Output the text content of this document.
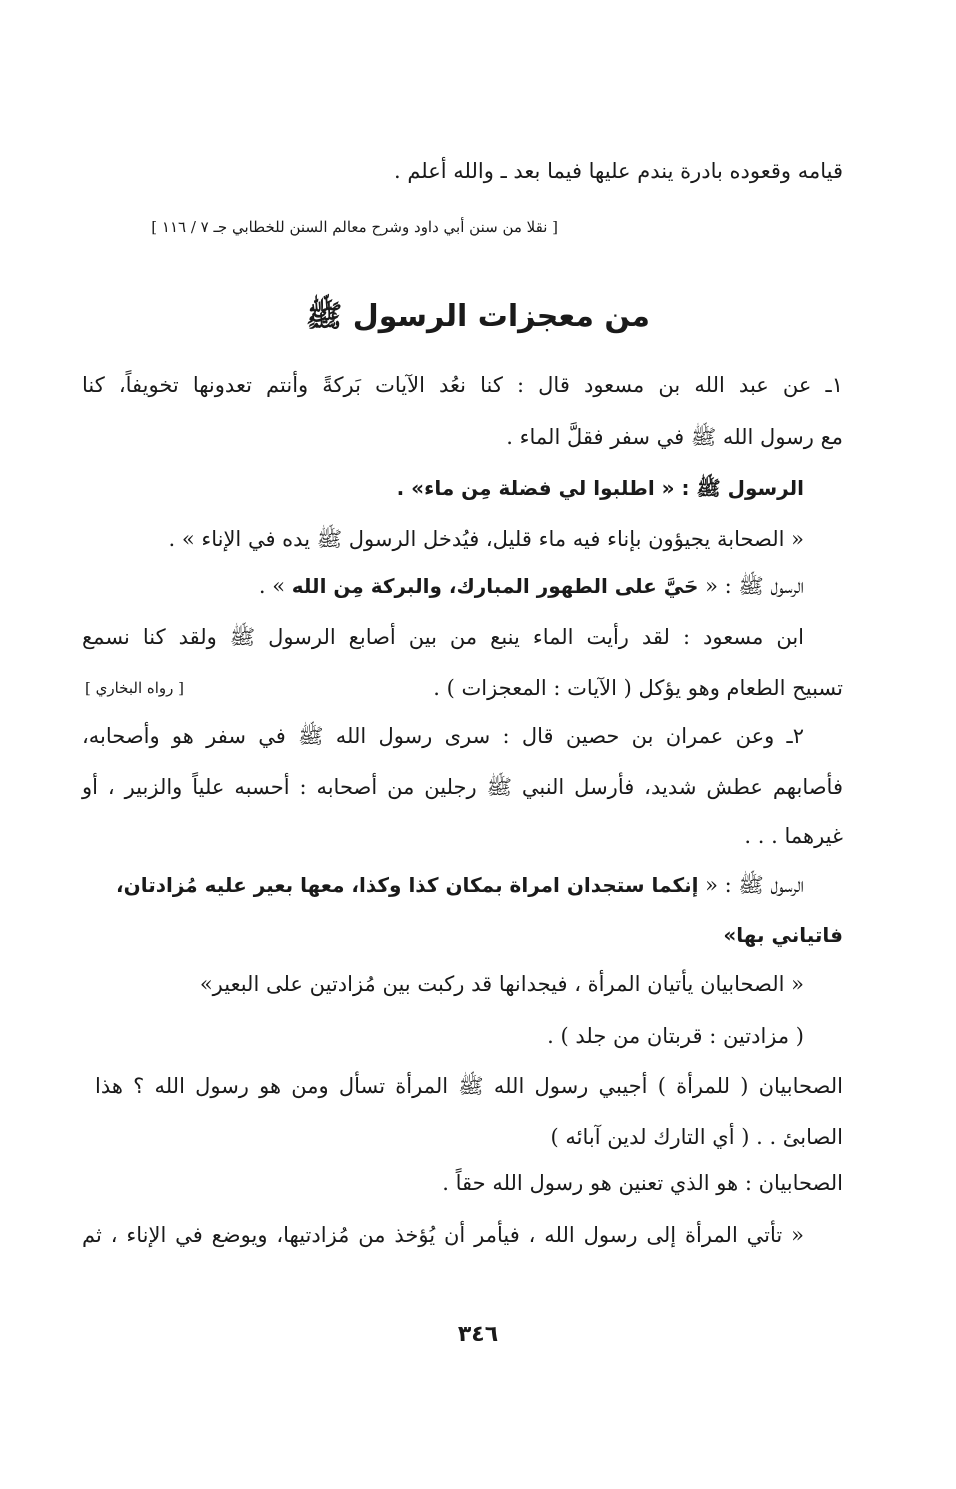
قيامه وقعوده بادرة يندم عليها فيما بعد ـ والله أعلم .
[ نقلا من سنن أبي داود وشرح معالم السنن للخطابي جـ ٧ / ١١٦ ]
من معجزات الرسول ﷺ
١ـ عن عبد الله بن مسعود قال : كنا نعُد الآيات بَركةً وأنتم تعدونها تخويفاً، كنا
مع رسول الله ﷺ في سفر فقلَّ الماء .
الرسول ﷺ : « اطلبوا لي فضلة مِن ماء» .
« الصحابة يجيؤون بإناء فيه ماء قليل، فيُدخل الرسول ﷺ يده في الإناء » .
الرسول ﷺ : « حَيَّ على الطهور المبارك، والبركة مِن الله » .
ابن مسعود : لقد رأيت الماء ينبع من بين أصابع الرسول ﷺ ولقد كنا نسمع
تسبيح الطعام وهو يؤكل ( الآيات : المعجزات ) .
[ رواه البخاري ]
٢ـ وعن عمران بن حصين قال : سرى رسول الله ﷺ في سفر هو وأصحابه،
فأصابهم عطش شديد، فأرسل النبي ﷺ رجلين من أصحابه : أحسبه علياً والزبير ، أو
غيرهما . . .
الرسول ﷺ : « إنكما ستجدان امراة بمكان كذا وكذا، معها بعير عليه مُزادتان،
فاتياني بها»
« الصحابيان يأتيان المرأة ، فيجدانها قد ركبت بين مُزادتين على البعير»
( مزادتين : قربتان من جلد ) .
الصحابيان ( للمرأة ) أجيبي رسول الله ﷺ المرأة تسأل ومن هو رسول الله ؟ هذا
الصابئ . . ( أي التارك لدين آبائه )
الصحابيان : هو الذي تعنين هو رسول الله حقاً .
« تأتي المرأة إلى رسول الله ، فيأمر أن يُؤخذ من مُزادتيها، ويوضع في الإناء ، ثم
٣٤٦
